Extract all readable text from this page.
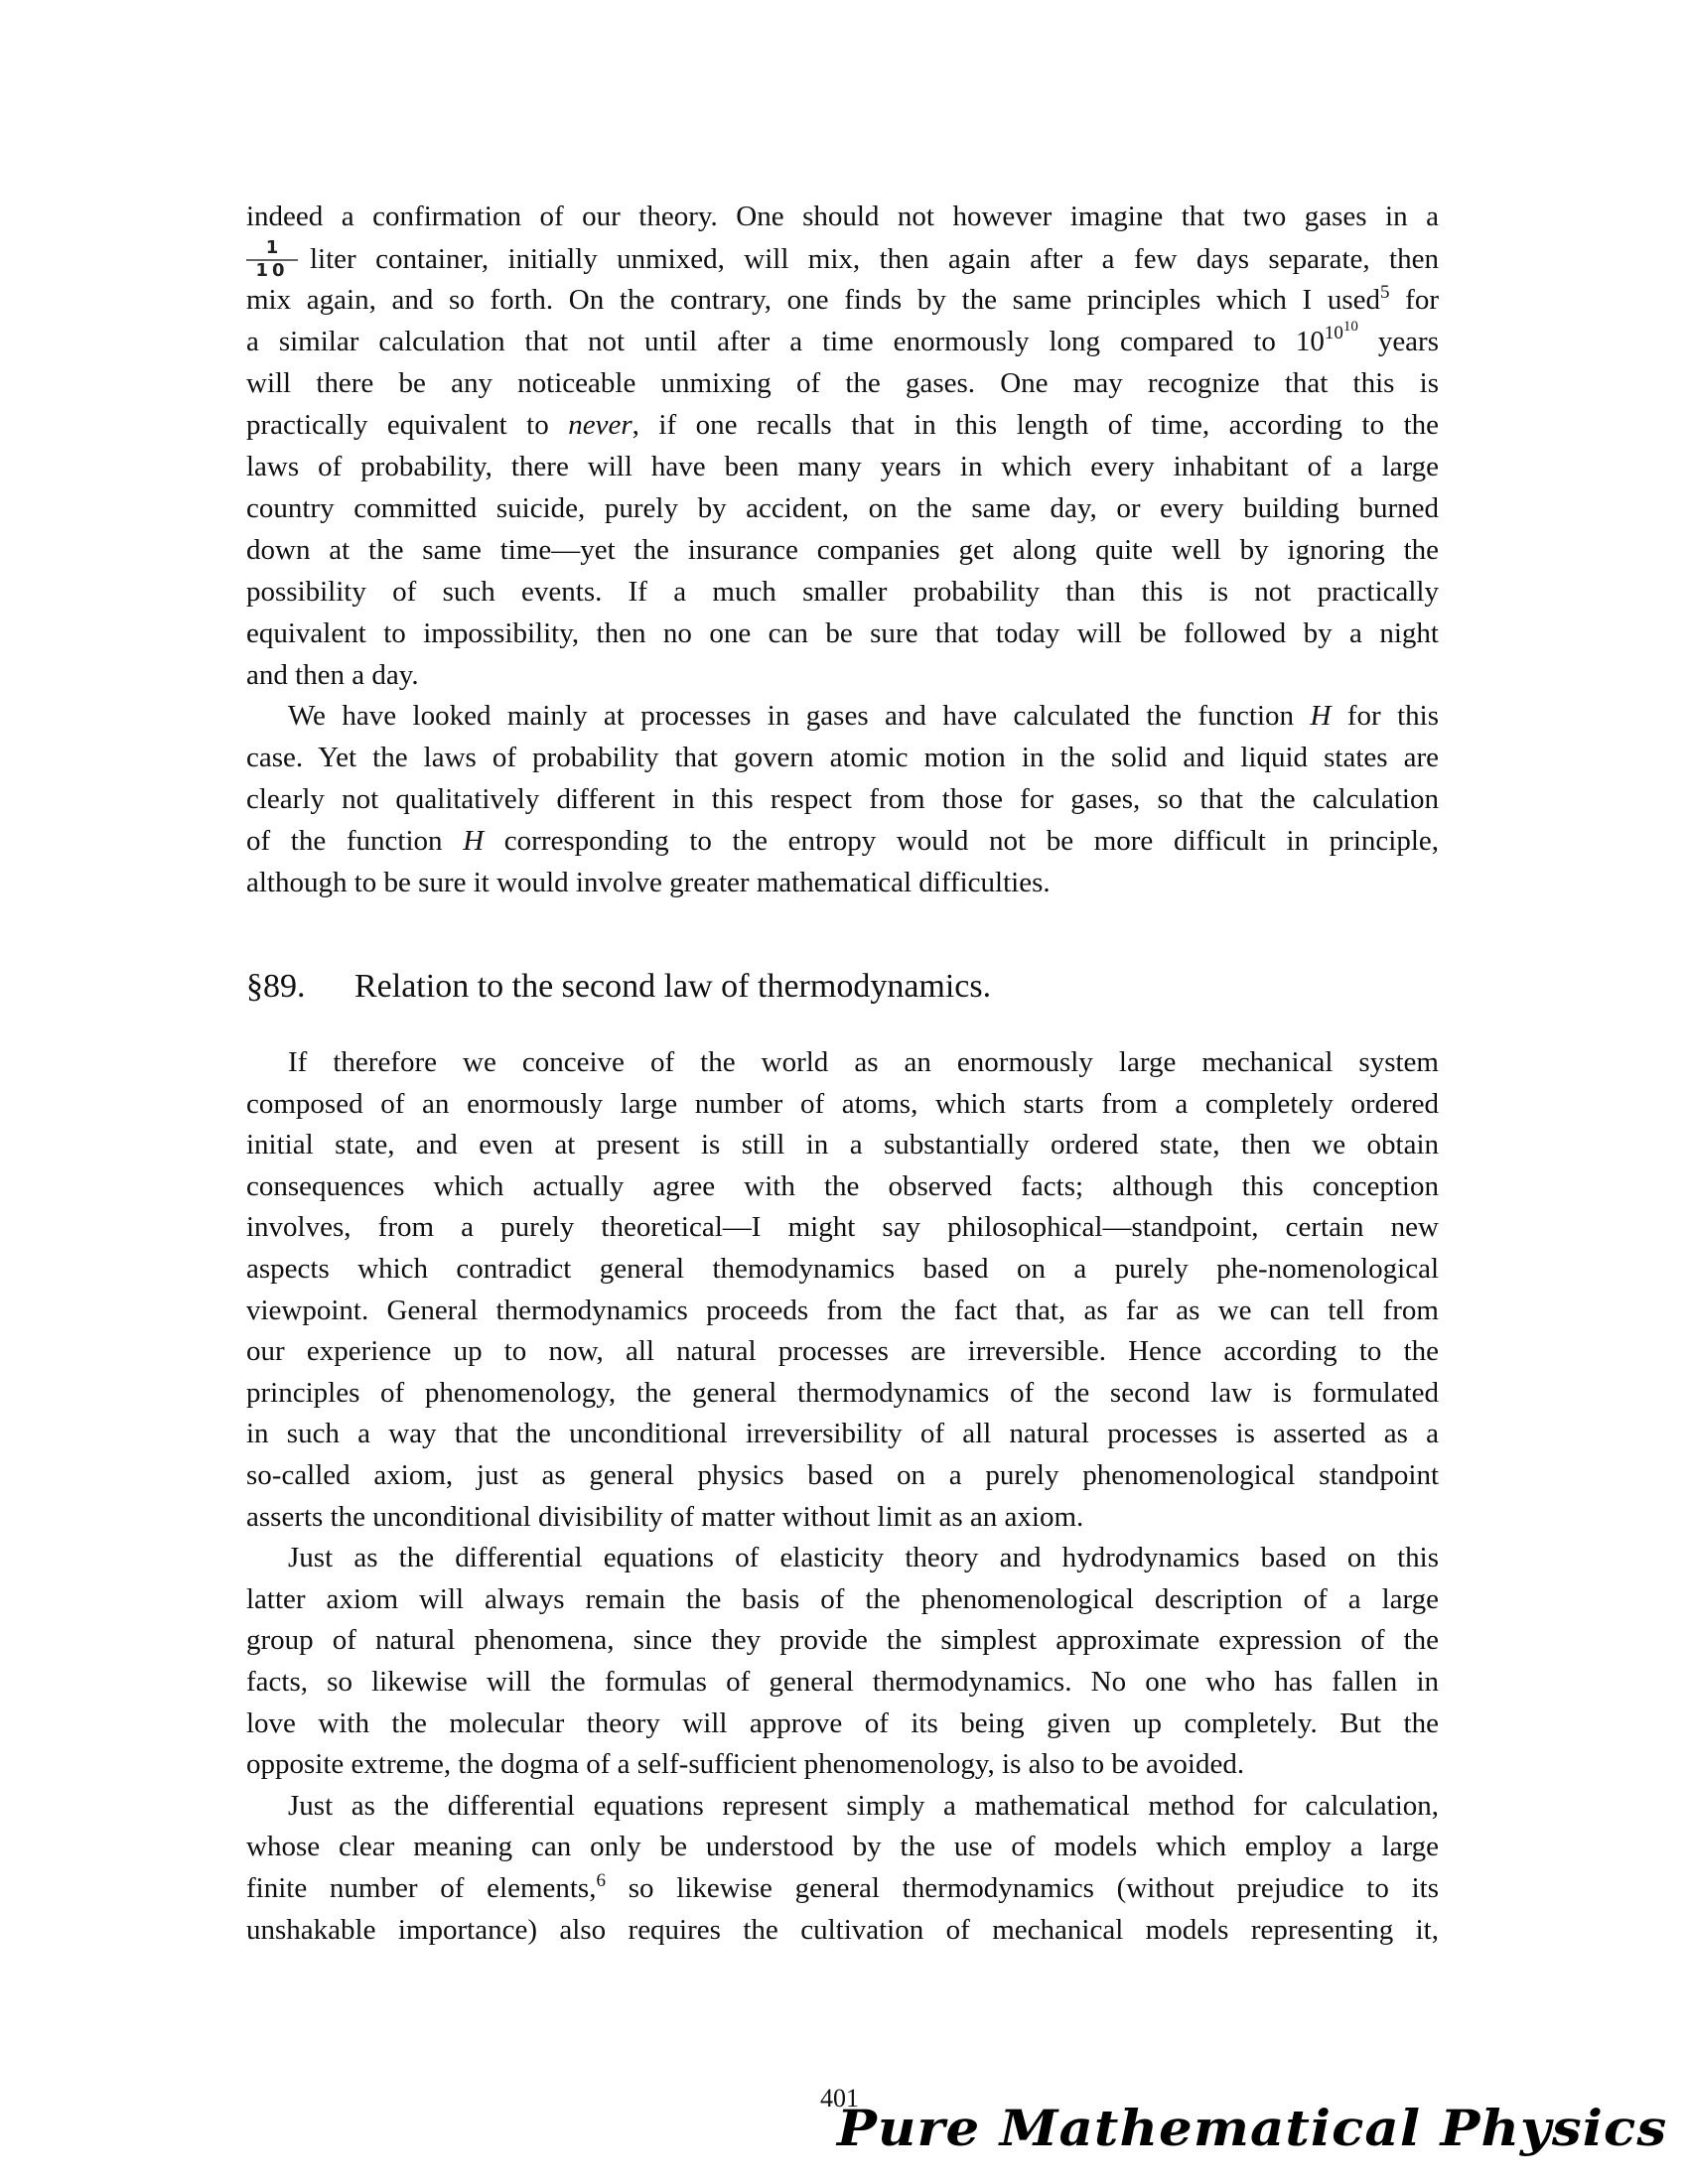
indeed a confirmation of our theory. One should not however imagine that two gases in a
$\frac{1}{10}$ liter container, initially unmixed, will mix, then again after a few days separate, then
mix again, and so forth. On the contrary, one finds by the same principles which I used$^5$ for
a similar calculation that not until after a time enormously long compared to $10^{10^{10}}$ years
will there be any noticeable unmixing of the gases. One may recognize that this is
practically equivalent to never, if one recalls that in this length of time, according to the
laws of probability, there will have been many years in which every inhabitant of a large
country committed suicide, purely by accident, on the same day, or every building burned
down at the same time—yet the insurance companies get along quite well by ignoring the
possibility of such events. If a much smaller probability than this is not practically
equivalent to impossibility, then no one can be sure that today will be followed by a night
and then a day.
We have looked mainly at processes in gases and have calculated the function H for this
case. Yet the laws of probability that govern atomic motion in the solid and liquid states are
clearly not qualitatively different in this respect from those for gases, so that the calculation
of the function H corresponding to the entropy would not be more difficult in principle,
although to be sure it would involve greater mathematical difficulties.
§89. Relation to the second law of thermodynamics.
If therefore we conceive of the world as an enormously large mechanical system
composed of an enormously large number of atoms, which starts from a completely ordered
initial state, and even at present is still in a substantially ordered state, then we obtain
consequences which actually agree with the observed facts; although this conception
involves, from a purely theoretical—I might say philosophical—standpoint, certain new
aspects which contradict general themodynamics based on a purely phe-nomenological
viewpoint. General thermodynamics proceeds from the fact that, as far as we can tell from
our experience up to now, all natural processes are irreversible. Hence according to the
principles of phenomenology, the general thermodynamics of the second law is formulated
in such a way that the unconditional irreversibility of all natural processes is asserted as a
so-called axiom, just as general physics based on a purely phenomenological standpoint
asserts the unconditional divisibility of matter without limit as an axiom.
Just as the differential equations of elasticity theory and hydrodynamics based on this
latter axiom will always remain the basis of the phenomenological description of a large
group of natural phenomena, since they provide the simplest approximate expression of the
facts, so likewise will the formulas of general thermodynamics. No one who has fallen in
love with the molecular theory will approve of its being given up completely. But the
opposite extreme, the dogma of a self-sufficient phenomenology, is also to be avoided.
Just as the differential equations represent simply a mathematical method for calculation,
whose clear meaning can only be understood by the use of models which employ a large
finite number of elements,$^6$ so likewise general thermodynamics (without prejudice to its
unshakable importance) also requires the cultivation of mechanical models representing it,
401
Pure Mathematical Physics
